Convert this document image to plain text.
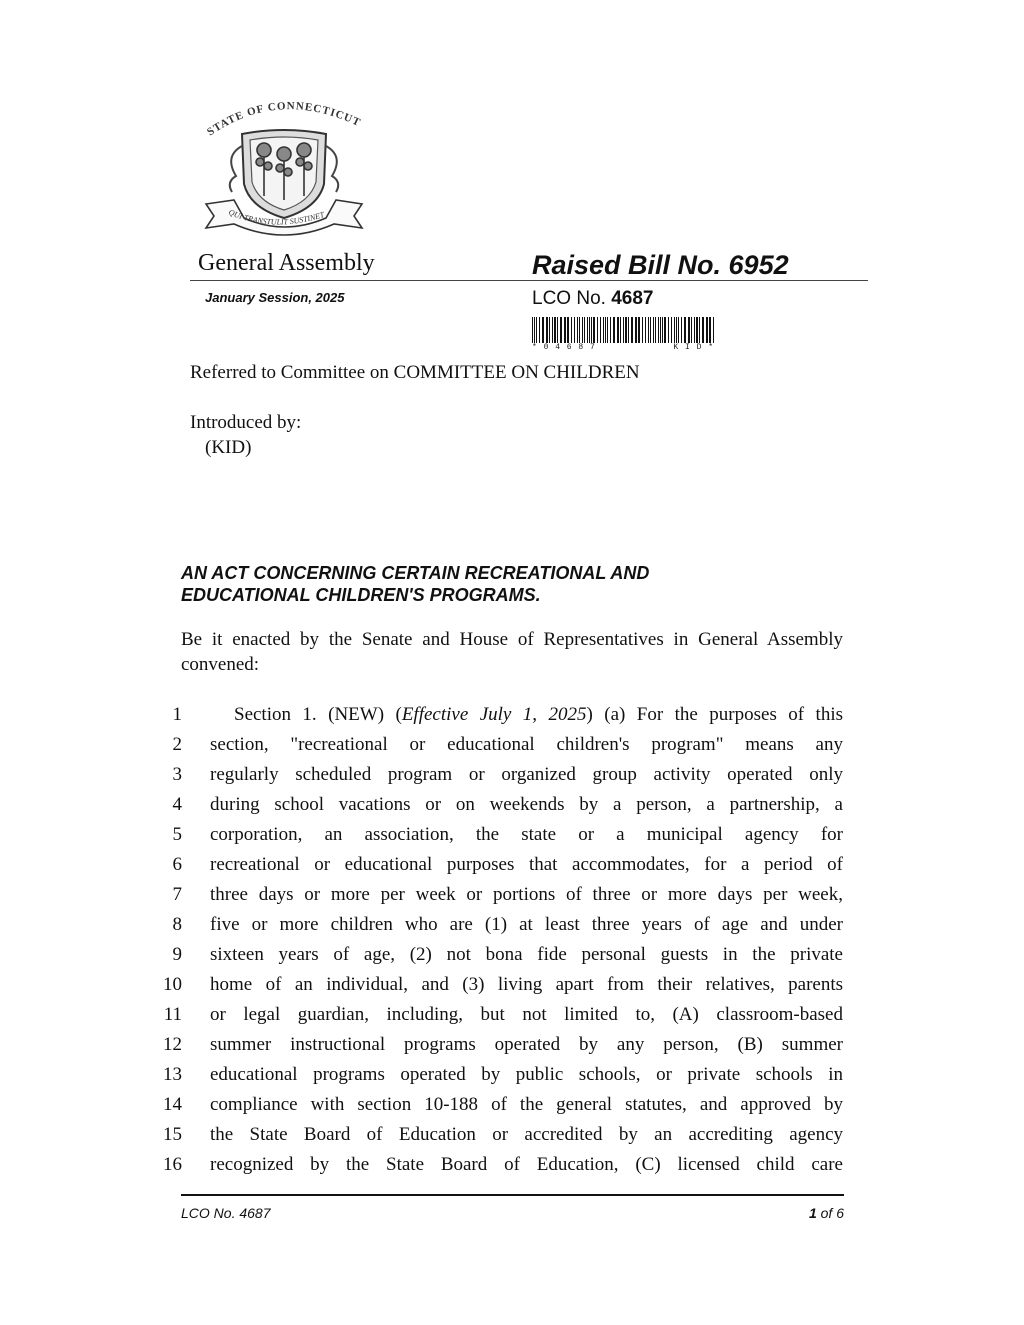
STATE OF CONNECTICUT
QUI TRANSTULIT SUSTINET
General Assembly	Raised Bill No. 6952
January Session, 2025	LCO No. 4687
* 0 4 6 8 7	K I D *
Referred to Committee on COMMITTEE ON CHILDREN
Introduced by:
(KID)
AN ACT CONCERNING CERTAIN RECREATIONAL AND
EDUCATIONAL CHILDREN'S PROGRAMS.
Be it enacted by the Senate and House of Representatives in General Assembly convened:
1	Section 1. (NEW) (Effective July 1, 2025) (a) For the purposes of this
2 section, "recreational or educational children's program" means any
3 regularly scheduled program or organized group activity operated only
4 during school vacations or on weekends by a person, a partnership, a
5 corporation, an association, the state or a municipal agency for
6 recreational or educational purposes that accommodates, for a period of
7 three days or more per week or portions of three or more days per week,
8 five or more children who are (1) at least three years of age and under
9 sixteen years of age, (2) not bona fide personal guests in the private
10 home of an individual, and (3) living apart from their relatives, parents
11 or legal guardian, including, but not limited to, (A) classroom-based
12 summer instructional programs operated by any person, (B) summer
13 educational programs operated by public schools, or private schools in
14 compliance with section 10-188 of the general statutes, and approved by
15 the State Board of Education or accredited by an accrediting agency
16 recognized by the State Board of Education, (C) licensed child care
LCO No. 4687	1 of 6
